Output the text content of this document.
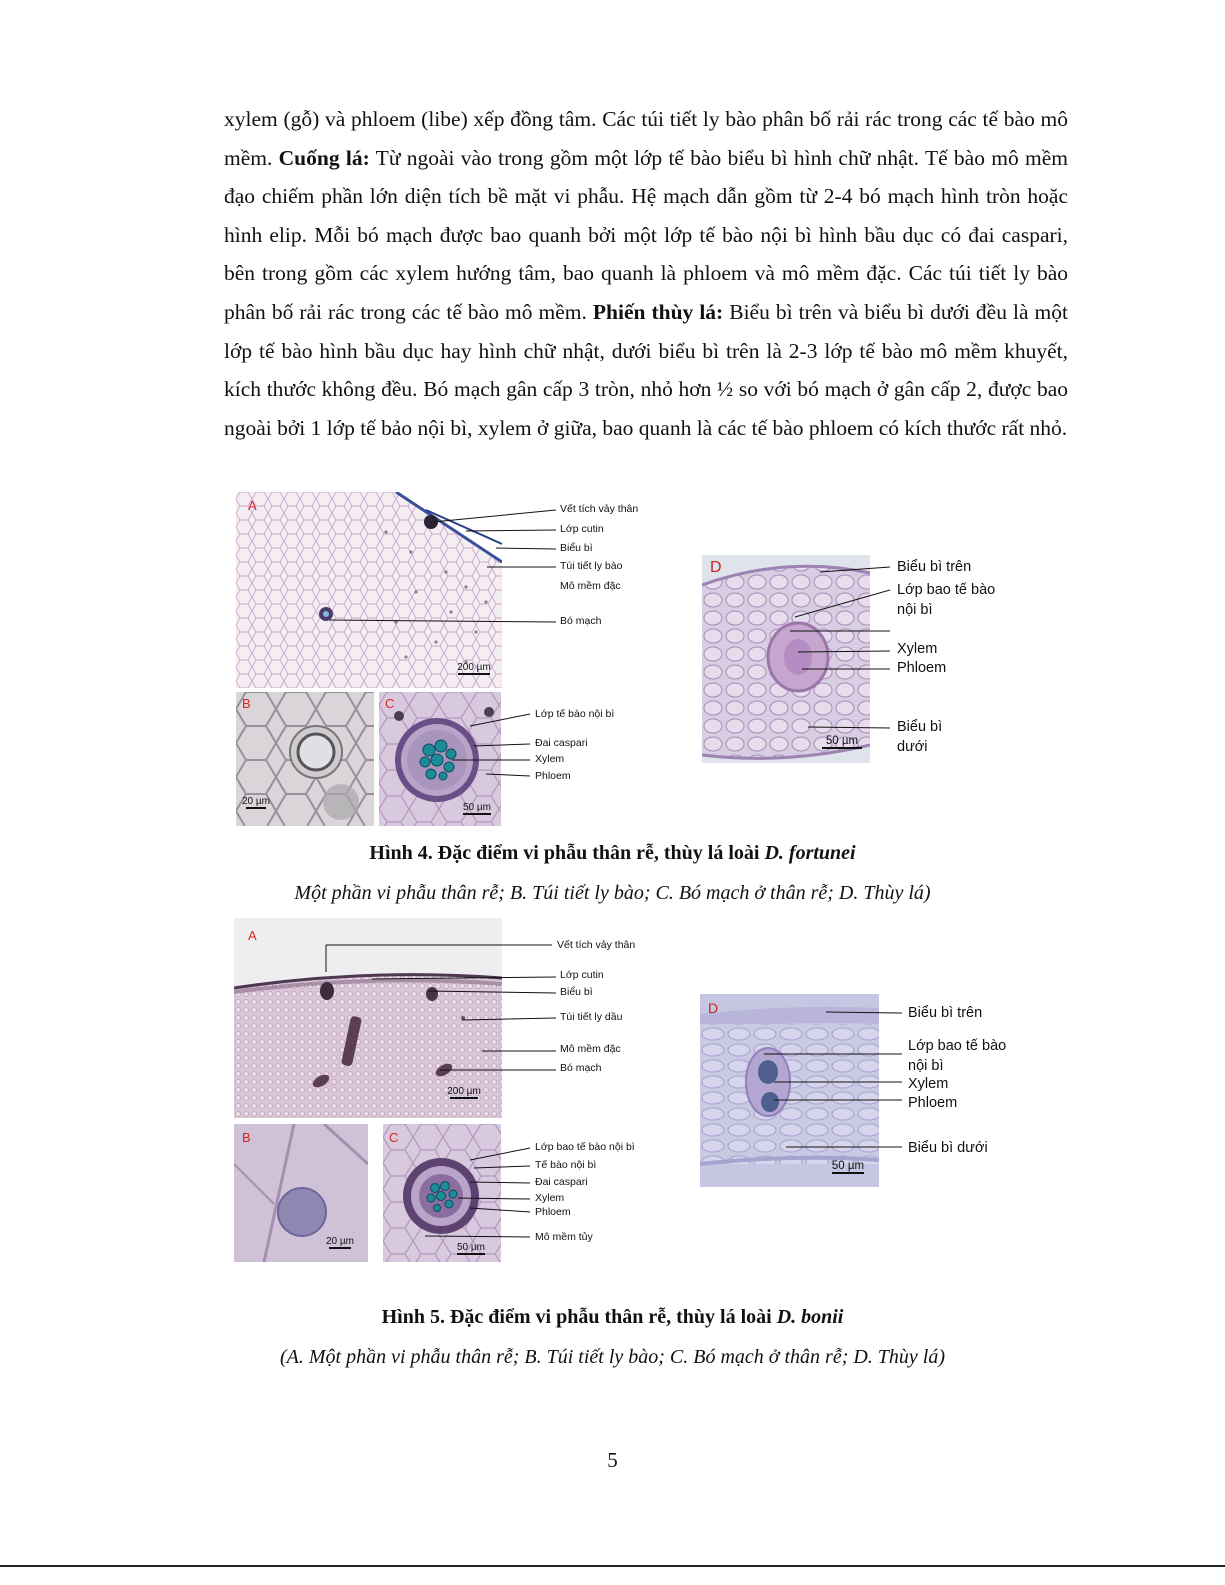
xylem (gỗ) và phloem (libe) xếp đồng tâm. Các túi tiết ly bào phân bố rải rác trong các tế bào mô mềm. Cuống lá: Từ ngoài vào trong gồm một lớp tế bào biểu bì hình chữ nhật. Tế bào mô mềm đạo chiếm phần lớn diện tích bề mặt vi phẫu. Hệ mạch dẫn gồm từ 2-4 bó mạch hình tròn hoặc hình elip. Mỗi bó mạch được bao quanh bởi một lớp tế bào nội bì hình bầu dục có đai caspari, bên trong gồm các xylem hướng tâm, bao quanh là phloem và mô mềm đặc. Các túi tiết ly bào phân bố rải rác trong các tế bào mô mềm. Phiến thùy lá: Biểu bì trên và biểu bì dưới đều là một lớp tế bào hình bầu dục hay hình chữ nhật, dưới biểu bì trên là 2-3 lớp tế bào mô mềm khuyết, kích thước không đều. Bó mạch gân cấp 3 tròn, nhỏ hơn ½ so với bó mạch ở gân cấp 2, được bao ngoài bởi 1 lớp tế bảo nội bì, xylem ở giữa, bao quanh là các tế bào phloem có kích thước rất nhỏ.

A
200 µm
B
20 µm
C
50 µm
Vết tích vảy thân
Lớp cutin
Biểu bì
Túi tiết ly bào
Mô mềm đặc
Bó mạch
Lớp tế bào nội bì
Đai caspari
Xylem
Phloem
D
50 µm
Biểu bì trên
Lớp bao tế bào
nội bì
Xylem
Phloem
Biểu bì
dưới
Hình 4. Đặc điểm vi phẫu thân rễ, thùy lá loài D. fortunei
Một phần vi phẫu thân rễ; B. Túi tiết ly bào; C. Bó mạch ở thân rễ; D. Thùy lá)
A
200 µm
B
20 µm
C
50 µm
Vết tích vảy thân
Lớp cutin
Biểu bì
Túi tiết ly dầu
Mô mềm đặc
Bó mạch
Lớp bao tế bào nội bì
Tế bào nội bì
Đai caspari
Xylem
Phloem
Mô mềm tủy
D
50 µm
Biểu bì trên
Lớp bao tế bào
nội bì
Xylem
Phloem
Biểu bì dưới
Hình 5. Đặc điểm vi phẫu thân rễ, thùy lá loài D. bonii
(A. Một phần vi phẫu thân rễ; B. Túi tiết ly bào; C. Bó mạch ở thân rễ; D. Thùy lá)
5
